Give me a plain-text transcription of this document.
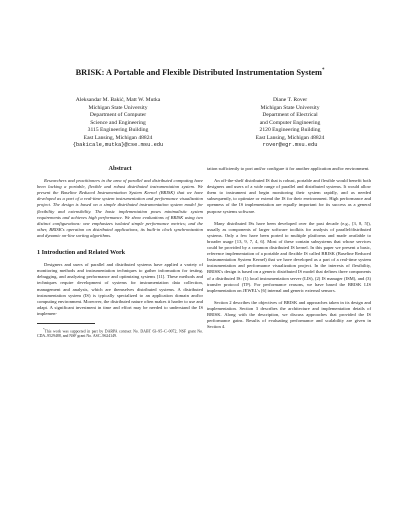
BRISK: A Portable and Flexible Distributed Instrumentation System*
Aleksandar M. Bakić, Matt W. Mutka
Michigan State University
Department of Computer
Science and Engineering
3115 Engineering Building
East Lansing, Michigan 48824
{bakicale,mutka}@cse.msu.edu
Diane T. Rover
Michigan State University
Department of Electrical
and Computer Engineering
2120 Engineering Building
East Lansing, Michigan 48824
rover@egr.msu.edu
Abstract

Researchers and practitioners in the area of parallel and distributed computing have been lacking a portable, flexible and robust distributed instrumentation system. We present the Baseline Reduced Instrumentation System Kernel (BRISK) that we have developed as a part of a real-time system instrumentation and performance visualization project. The design is based on a simple distributed instrumentation system model for flexibility and extensibility. The basic implementation poses minimalistic system requirements and achieves high performance. We show evaluations of BRISK using two distinct configurations: one emphasizes isolated simple performance metrics; and the other, BRISK's operation on distributed applications, its built-in clock synchronization and dynamic on-line sorting algorithms.

1 Introduction and Related Work

Designers and users of parallel and distributed systems have applied a variety of monitoring methods and instrumentation techniques to gather information for testing, debugging, and analyzing performance and optimizing systems [11]. These methods and techniques require development of systems for instrumentation data collection, management and analysis, which are themselves distributed systems. A distributed instrumentation system (IS) is typically specialized to an application domain and/or computing environment. Moreover, the distributed nature often makes it harder to use and adapt. A significant investment in time and effort may be needed to understand the IS implemen-

*This work was supported in part by DARPA contract No. DABT 63–95–C–0072, NSF grant No. CDA–9529488, and NSF grant No. ASC–9624149.

tation sufficiently to port and/or configure it for another application and/or environment.

An off-the-shelf distributed IS that is robust, portable and flexible would benefit both designers and users of a wide range of parallel and distributed systems. It would allow them to instrument and begin monitoring their system rapidly, and as needed subsequently, to optimize or extend the IS for their environment. High performance and openness of the IS implementation are equally important for its success as a general purpose systems software.

Many distributed ISs have been developed over the past decade (e.g., [3, 8, 5]), usually as components of larger software toolkits for analysis of parallel/distributed systems. Only a few have been ported to multiple platforms and made available to broader usage [13, 9, 7, 4, 6]. Most of these contain subsystems that whose services could be provided by a common distributed IS kernel. In this paper we present a basic, reference implementation of a portable and flexible IS called BRISK (Baseline Reduced Instrumentation System Kernel) that we have developed as a part of a real-time system instrumentation and performance visualization project. In the interests of flexibility, BRISK's design is based on a generic distributed IS model that defines three components of a distributed IS: (1) local instrumentation server (LIS), (2) IS manager (ISM), and (3) transfer protocol (TP). For performance reasons, we have based the BRISK LIS implementation on JEWEL's [6] internal and generic external sensors.

Section 2 describes the objectives of BRISK and approaches taken in its design and implementation. Section 3 describes the architecture and implementation details of BRISK. Along with the description, we discuss approaches that provided the IS performance gains. Results of evaluating performance and scalability are given in Section 4.
